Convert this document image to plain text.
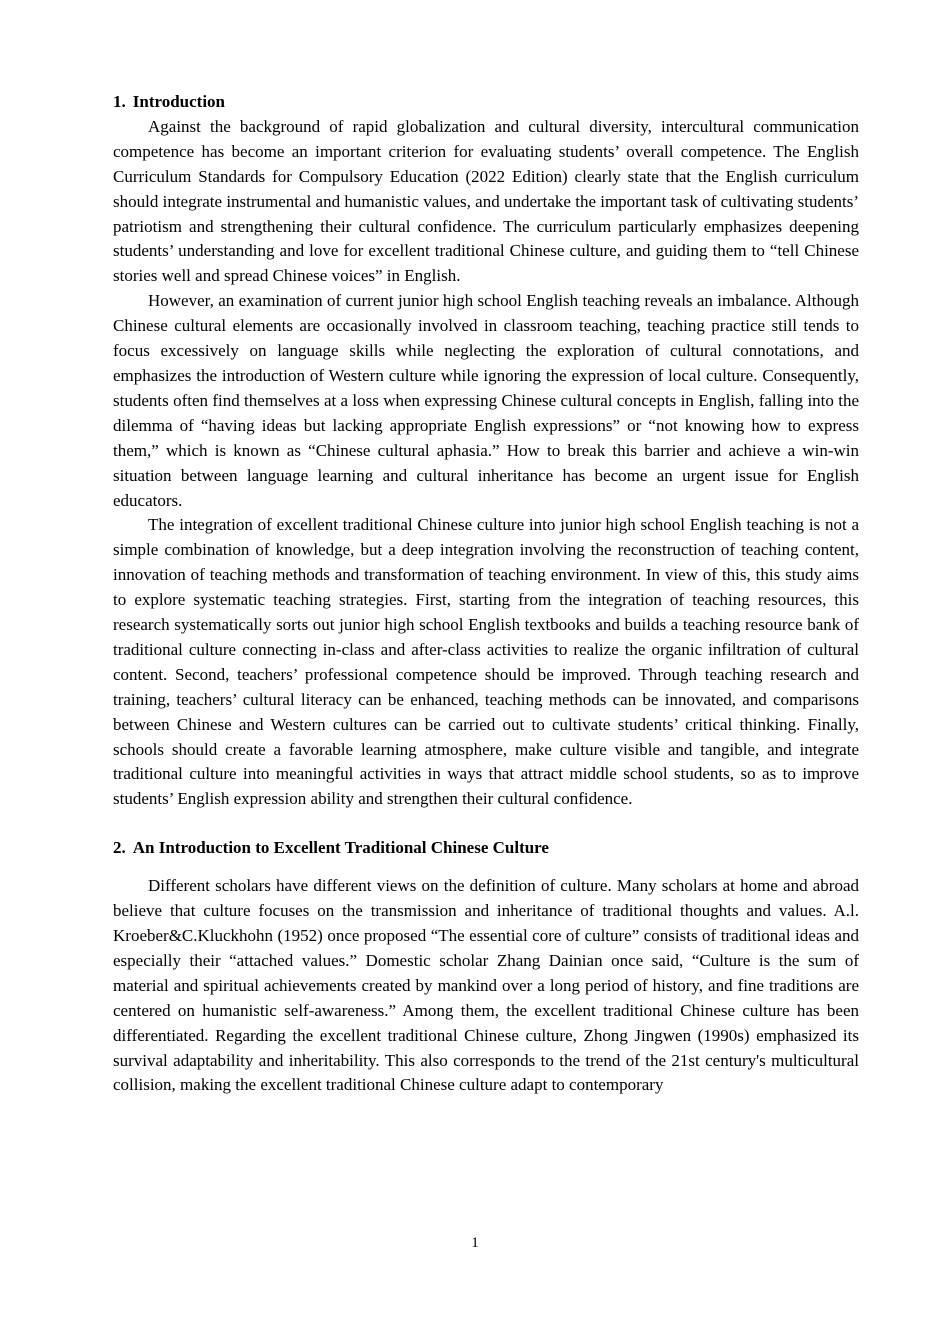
1. Introduction

Against the background of rapid globalization and cultural diversity, intercultural communication competence has become an important criterion for evaluating students’ overall competence. The English Curriculum Standards for Compulsory Education (2022 Edition) clearly state that the English curriculum should integrate instrumental and humanistic values, and undertake the important task of cultivating students’ patriotism and strengthening their cultural confidence. The curriculum particularly emphasizes deepening students’ understanding and love for excellent traditional Chinese culture, and guiding them to “tell Chinese stories well and spread Chinese voices” in English.

However, an examination of current junior high school English teaching reveals an imbalance. Although Chinese cultural elements are occasionally involved in classroom teaching, teaching practice still tends to focus excessively on language skills while neglecting the exploration of cultural connotations, and emphasizes the introduction of Western culture while ignoring the expression of local culture. Consequently, students often find themselves at a loss when expressing Chinese cultural concepts in English, falling into the dilemma of “having ideas but lacking appropriate English expressions” or “not knowing how to express them,” which is known as “Chinese cultural aphasia.” How to break this barrier and achieve a win-win situation between language learning and cultural inheritance has become an urgent issue for English educators.

The integration of excellent traditional Chinese culture into junior high school English teaching is not a simple combination of knowledge, but a deep integration involving the reconstruction of teaching content, innovation of teaching methods and transformation of teaching environment. In view of this, this study aims to explore systematic teaching strategies. First, starting from the integration of teaching resources, this research systematically sorts out junior high school English textbooks and builds a teaching resource bank of traditional culture connecting in-class and after-class activities to realize the organic infiltration of cultural content. Second, teachers’ professional competence should be improved. Through teaching research and training, teachers’ cultural literacy can be enhanced, teaching methods can be innovated, and comparisons between Chinese and Western cultures can be carried out to cultivate students’ critical thinking. Finally, schools should create a favorable learning atmosphere, make culture visible and tangible, and integrate traditional culture into meaningful activities in ways that attract middle school students, so as to improve students’ English expression ability and strengthen their cultural confidence.

2. An Introduction to Excellent Traditional Chinese Culture

Different scholars have different views on the definition of culture. Many scholars at home and abroad believe that culture focuses on the transmission and inheritance of traditional thoughts and values. A.l. Kroeber&C.Kluckhohn (1952) once proposed “The essential core of culture” consists of traditional ideas and especially their “attached values.” Domestic scholar Zhang Dainian once said, “Culture is the sum of material and spiritual achievements created by mankind over a long period of history, and fine traditions are centered on humanistic self-awareness.” Among them, the excellent traditional Chinese culture has been differentiated. Regarding the excellent traditional Chinese culture, Zhong Jingwen (1990s) emphasized its survival adaptability and inheritability. This also corresponds to the trend of the 21st century's multicultural collision, making the excellent traditional Chinese culture adapt to contemporary

1
